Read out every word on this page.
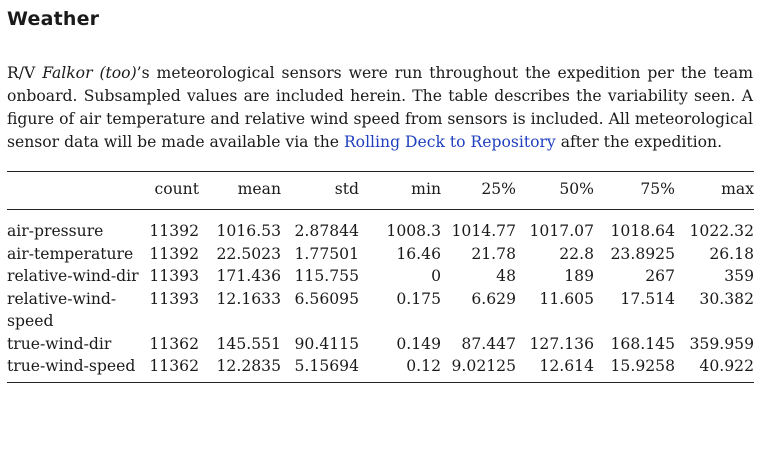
Weather

R/V Falkor (too)’s meteorological sensors were run throughout the expedition per the team onboard. Subsampled values are included herein. The table describes the variability seen. A figure of air temperature and relative wind speed from sensors is included. All meteorological sensor data will be made available via the Rolling Deck to Repository after the expedition.

	count	mean	std	min	25%	50%	75%	max
air-pressure	11392	1016.53	2.87844	1008.3	1014.77	1017.07	1018.64	1022.32
air-temperature	11392	22.5023	1.77501	16.46	21.78	22.8	23.8925	26.18
relative-wind-dir	11393	171.436	115.755	0	48	189	267	359
relative-wind-speed	11393	12.1633	6.56095	0.175	6.629	11.605	17.514	30.382
true-wind-dir	11362	145.551	90.4115	0.149	87.447	127.136	168.145	359.959
true-wind-speed	11362	12.2835	5.15694	0.12	9.02125	12.614	15.9258	40.922
